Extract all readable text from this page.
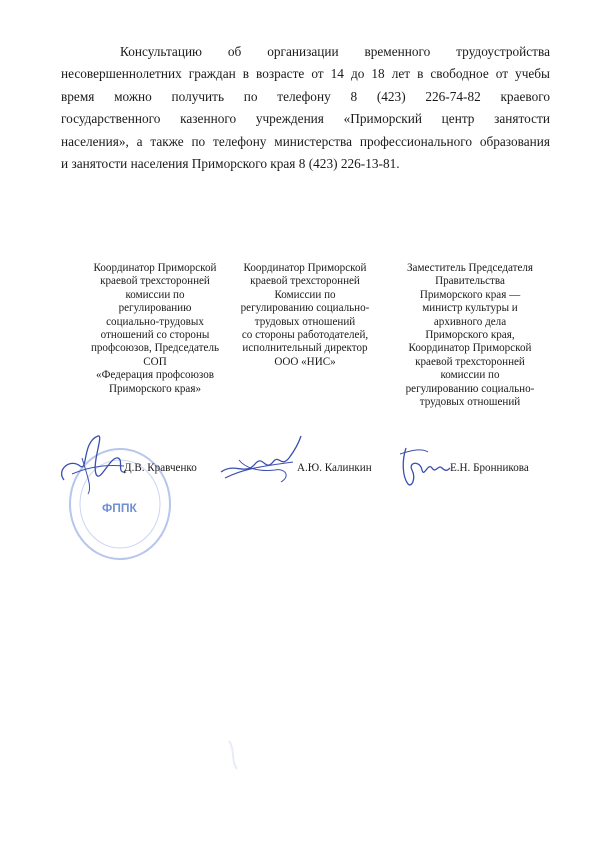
Консультацию об организации временного трудоустройства
несовершеннолетних граждан в возрасте от 14 до 18 лет в свободное от учебы
время можно получить по телефону 8 (423) 226-74-82 краевого
государственного казенного учреждения «Приморский центр занятости
населения», а также по телефону министерства профессионального образования
и занятости населения Приморского края 8 (423) 226-13-81.
Координатор Приморской
краевой трехсторонней
комиссии по
регулированию
социально-трудовых
отношений со стороны
профсоюзов, Председатель
СОП
«Федерация профсоюзов
Приморского края»
Координатор Приморской
краевой трехсторонней
Комиссии по
регулированию социально-
трудовых отношений
со стороны работодателей,
исполнительный директор
ООО «НИС»
Заместитель Председателя
Правительства
Приморского края —
министр культуры и
архивного дела
Приморского края,
Координатор Приморской
краевой трехсторонней
комиссии по
регулированию социально-
трудовых отношений
ФППК
Д.В. Кравченко	А.Ю. Калинкин	Е.Н. Бронникова
